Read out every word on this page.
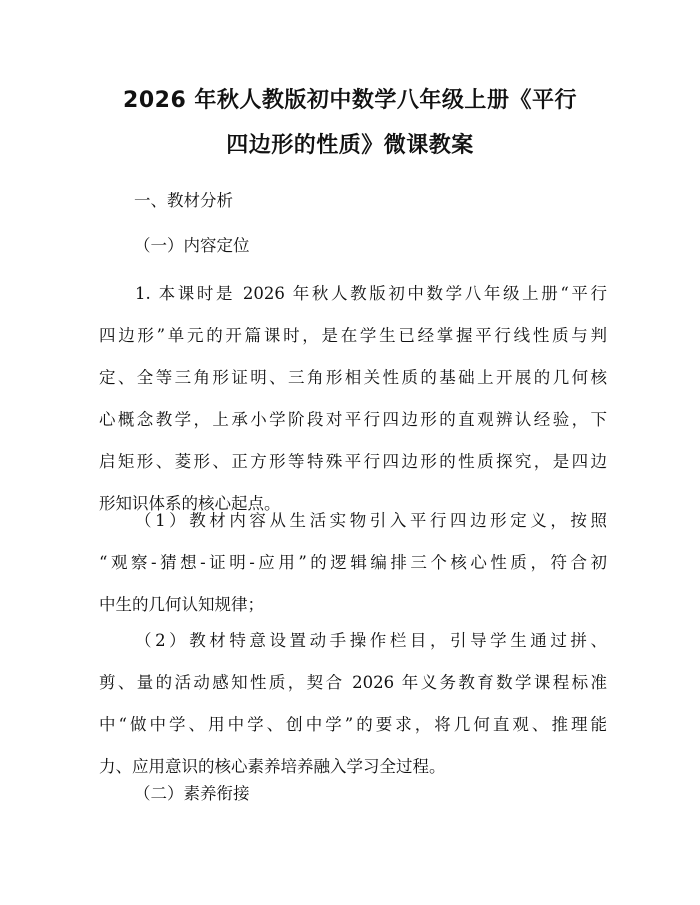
2026 年秋人教版初中数学八年级上册《平行
四边形的性质》微课教案

一、教材分析

（一）内容定位

1. 本课时是 2026 年秋人教版初中数学八年级上册“平行
四边形”单元的开篇课时，是在学生已经掌握平行线性质与判
定、全等三角形证明、三角形相关性质的基础上开展的几何核
心概念教学，上承小学阶段对平行四边形的直观辨认经验，下
启矩形、菱形、正方形等特殊平行四边形的性质探究，是四边
形知识体系的核心起点。
（1）教材内容从生活实物引入平行四边形定义，按照
“观察-猜想-证明-应用”的逻辑编排三个核心性质，符合初
中生的几何认知规律；
（2）教材特意设置动手操作栏目，引导学生通过拼、
剪、量的活动感知性质，契合 2026 年义务教育数学课程标准
中“做中学、用中学、创中学”的要求，将几何直观、推理能
力、应用意识的核心素养培养融入学习全过程。

（二）素养衔接
